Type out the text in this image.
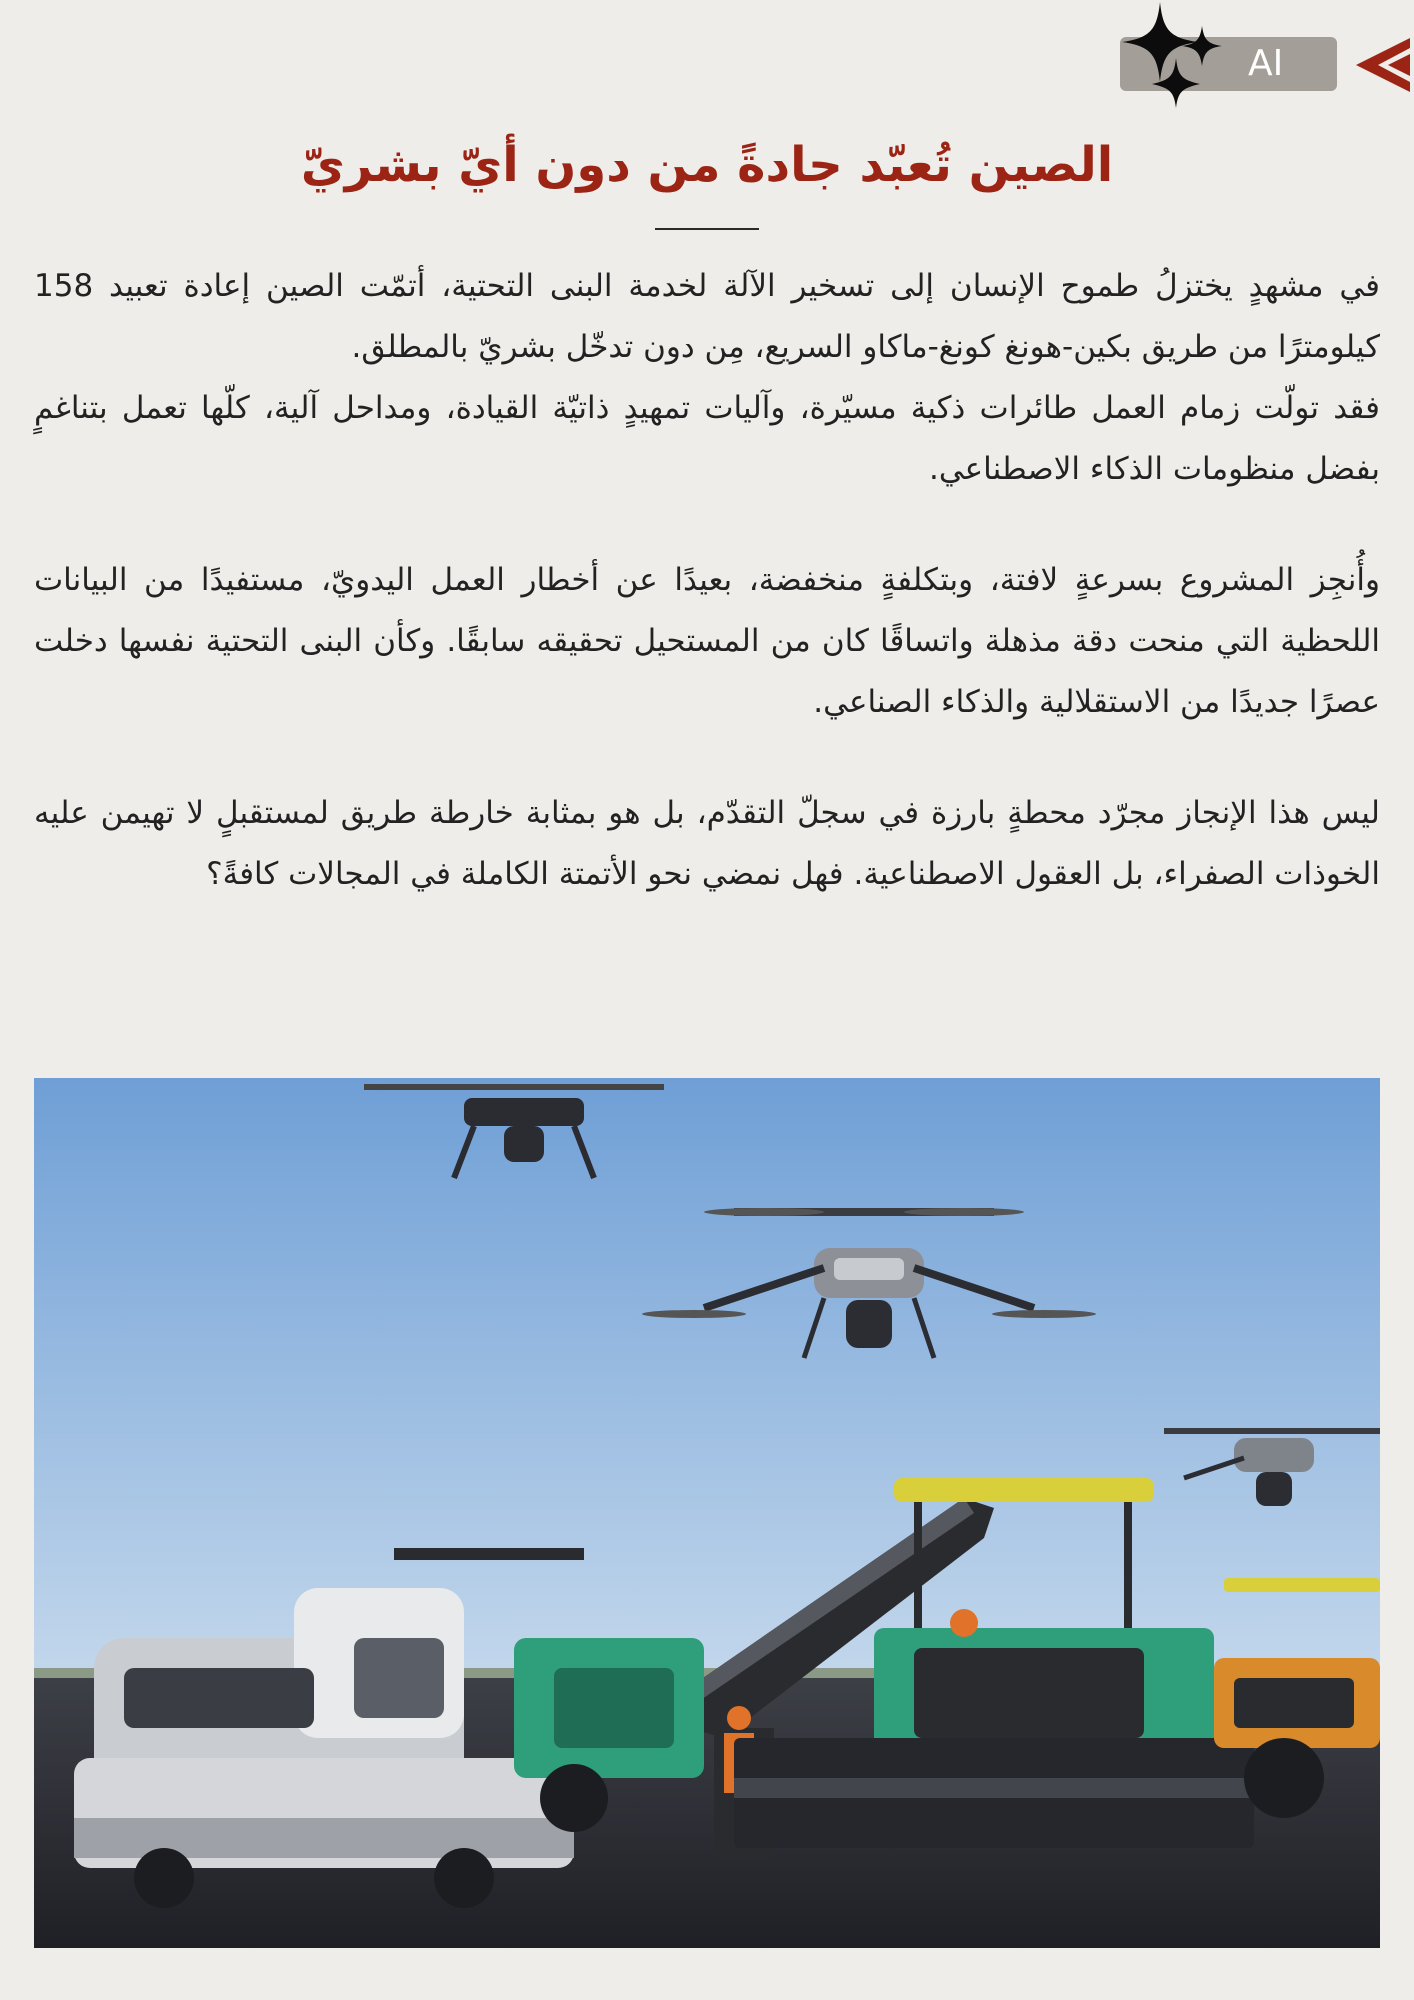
AI
الصين تُعبّد جادةً من دون أيّ بشريّ

في مشهدٍ يختزلُ طموح الإنسان إلى تسخير الآلة لخدمة البنى التحتية، أتمّت الصين إعادة تعبيد 158 كيلومترًا من طريق بكين-هونغ كونغ-ماكاو السريع، مِن دون تدخّل بشريّ بالمطلق.

فقد تولّت زمام العمل طائرات ذكية مسيّرة، وآليات تمهيدٍ ذاتيّة القيادة، ومداحل آلية، كلّها تعمل بتناغمٍ بفضل منظومات الذكاء الاصطناعي.

وأُنجِز المشروع بسرعةٍ لافتة، وبتكلفةٍ منخفضة، بعيدًا عن أخطار العمل اليدويّ، مستفيدًا من البيانات اللحظية التي منحت دقة مذهلة واتساقًا كان من المستحيل تحقيقه سابقًا. وكأن البنى التحتية نفسها دخلت عصرًا جديدًا من الاستقلالية والذكاء الصناعي.

ليس هذا الإنجاز مجرّد محطةٍ بارزة في سجلّ التقدّم، بل هو بمثابة خارطة طريق لمستقبلٍ لا تهيمن عليه الخوذات الصفراء، بل العقول الاصطناعية. فهل نمضي نحو الأتمتة الكاملة في المجالات كافةً؟
